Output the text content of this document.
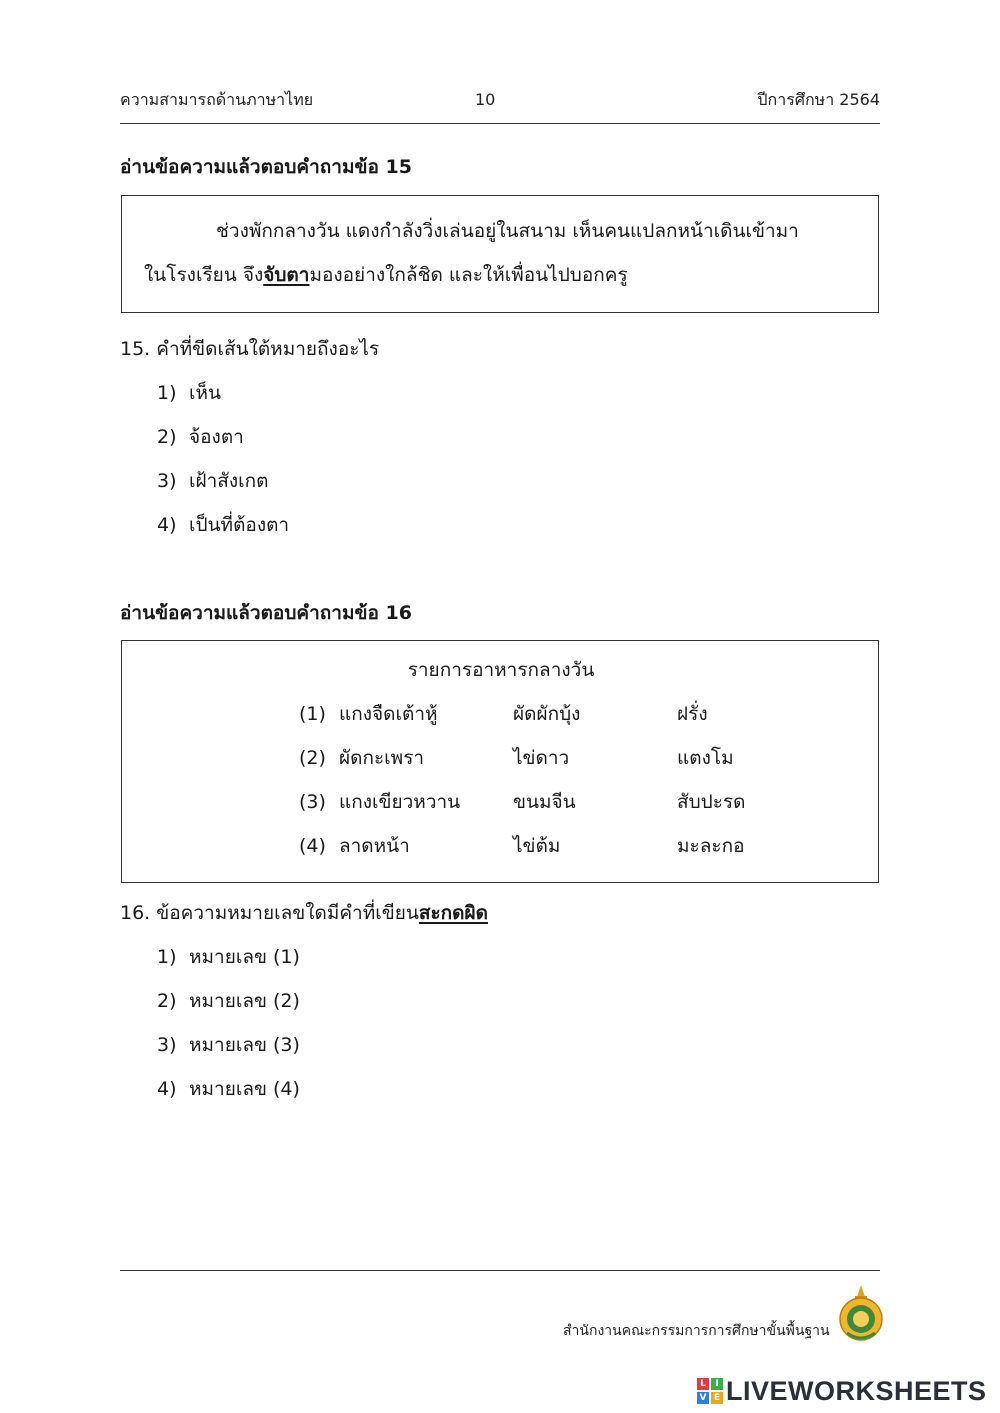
ความสามารถด้านภาษาไทย	10	ปีการศึกษา 2564
อ่านข้อความแล้วตอบคำถามข้อ 15
ช่วงพักกลางวัน แดงกำลังวิ่งเล่นอยู่ในสนาม เห็นคนแปลกหน้าเดินเข้ามา
ในโรงเรียน จึงจับตามองอย่างใกล้ชิด และให้เพื่อนไปบอกครู
15. คำที่ขีดเส้นใต้หมายถึงอะไร
1) เห็น
2) จ้องตา
3) เฝ้าสังเกต
4) เป็นที่ต้องตา
อ่านข้อความแล้วตอบคำถามข้อ 16
รายการอาหารกลางวัน
(1) แกงจืดเต้าหู้	ผัดผักบุ้ง	ฝรั่ง
(2) ผัดกะเพรา	ไข่ดาว	แตงโม
(3) แกงเขียวหวาน	ขนมจีน	สับปะรด
(4) ลาดหน้า	ไข่ต้ม	มะละกอ
16. ข้อความหมายเลขใดมีคำที่เขียนสะกดผิด
1) หมายเลข (1)
2) หมายเลข (2)
3) หมายเลข (3)
4) หมายเลข (4)
สำนักงานคณะกรรมการการศึกษาขั้นพื้นฐาน
L	I
V E LIVEWORKSHEETS
